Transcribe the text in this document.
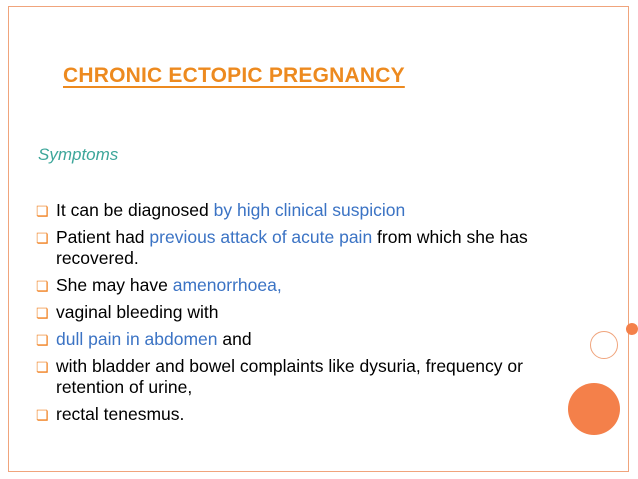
CHRONIC ECTOPIC PREGNANCY
Symptoms
❏ It can be diagnosed by high clinical suspicion
❏ Patient had previous attack of acute pain from which she has recovered.
❏ She may have amenorrhoea,
❏ vaginal bleeding with
❏ dull pain in abdomen and
❏ with bladder and bowel complaints like dysuria, frequency or retention of urine,
❏ rectal tenesmus.
